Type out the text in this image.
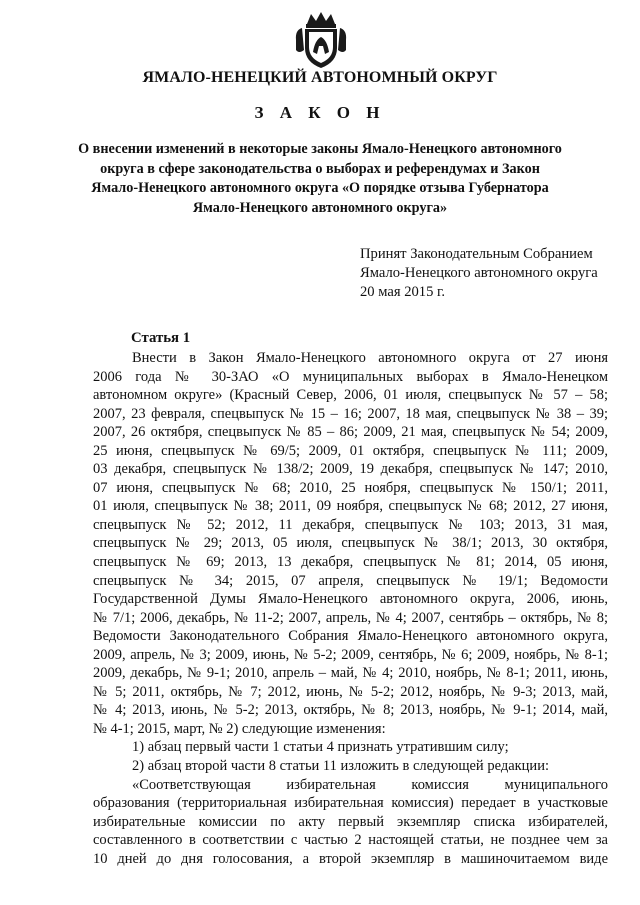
ЯМАЛО-НЕНЕЦКИЙ АВТОНОМНЫЙ ОКРУГ
З А К О Н
О внесении изменений в некоторые законы Ямало-Ненецкого автономного
округа в сфере законодательства о выборах и референдумах и Закон
Ямало-Ненецкого автономного округа «О порядке отзыва Губернатора
Ямало-Ненецкого автономного округа»
Принят Законодательным Собранием
Ямало-Ненецкого автономного округа
20 мая 2015 г.
Статья 1
Внести в Закон Ямало-Ненецкого автономного округа от 27 июня
2006 года № 30-ЗАО «О муниципальных выборах в Ямало-Ненецком
автономном округе» (Красный Север, 2006, 01 июля, спецвыпуск № 57 – 58;
2007, 23 февраля, спецвыпуск № 15 – 16; 2007, 18 мая, спецвыпуск № 38 – 39;
2007, 26 октября, спецвыпуск № 85 – 86; 2009, 21 мая, спецвыпуск № 54; 2009,
25 июня, спецвыпуск № 69/5; 2009, 01 октября, спецвыпуск № 111; 2009,
03 декабря, спецвыпуск № 138/2; 2009, 19 декабря, спецвыпуск № 147; 2010,
07 июня, спецвыпуск № 68; 2010, 25 ноября, спецвыпуск № 150/1; 2011,
01 июля, спецвыпуск № 38; 2011, 09 ноября, спецвыпуск № 68; 2012, 27 июня,
спецвыпуск № 52; 2012, 11 декабря, спецвыпуск № 103; 2013, 31 мая,
спецвыпуск № 29; 2013, 05 июля, спецвыпуск № 38/1; 2013, 30 октября,
спецвыпуск № 69; 2013, 13 декабря, спецвыпуск № 81; 2014, 05 июня,
спецвыпуск № 34; 2015, 07 апреля, спецвыпуск № 19/1; Ведомости
Государственной Думы Ямало-Ненецкого автономного округа, 2006, июнь,
№ 7/1; 2006, декабрь, № 11-2; 2007, апрель, № 4; 2007, сентябрь – октябрь, № 8;
Ведомости Законодательного Собрания Ямало-Ненецкого автономного округа,
2009, апрель, № 3; 2009, июнь, № 5-2; 2009, сентябрь, № 6; 2009, ноябрь, № 8-1;
2009, декабрь, № 9-1; 2010, апрель – май, № 4; 2010, ноябрь, № 8-1; 2011, июнь,
№ 5; 2011, октябрь, № 7; 2012, июнь, № 5-2; 2012, ноябрь, № 9-3; 2013, май,
№ 4; 2013, июнь, № 5-2; 2013, октябрь, № 8; 2013, ноябрь, № 9-1; 2014, май,
№ 4-1; 2015, март, № 2) следующие изменения:
1) абзац первый части 1 статьи 4 признать утратившим силу;
2) абзац второй части 8 статьи 11 изложить в следующей редакции:
«Соответствующая избирательная комиссия муниципального
образования (территориальная избирательная комиссия) передает в участковые
избирательные комиссии по акту первый экземпляр списка избирателей,
составленного в соответствии с частью 2 настоящей статьи, не позднее чем за
10 дней до дня голосования, а второй экземпляр в машиночитаемом виде
